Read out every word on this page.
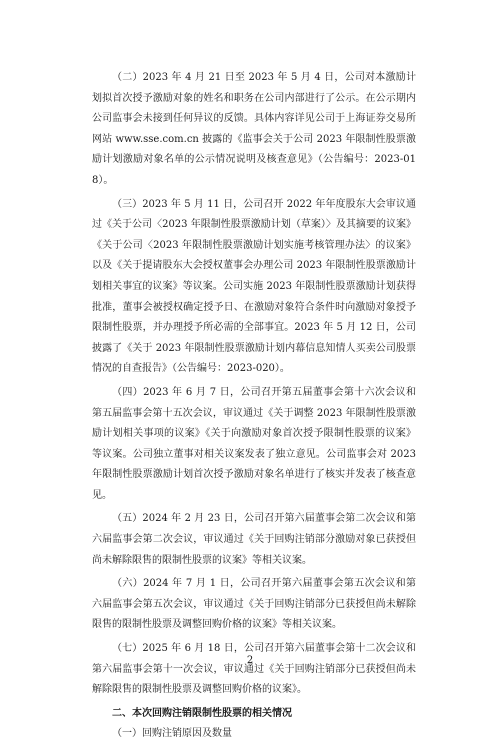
（二）2023 年 4 月 21 日至 2023 年 5 月 4 日，公司对本激励计划拟首次授予激励对象的姓名和职务在公司内部进行了公示。在公示期内公司监事会未接到任何异议的反馈。具体内容详见公司于上海证券交易所网站 www.sse.com.cn 披露的《监事会关于公司 2023 年限制性股票激励计划激励对象名单的公示情况说明及核查意见》（公告编号：2023-018）。

（三）2023 年 5 月 11 日，公司召开 2022 年年度股东大会审议通过《关于公司〈2023 年限制性股票激励计划（草案）〉及其摘要的议案》《关于公司〈2023 年限制性股票激励计划实施考核管理办法〉的议案》以及《关于提请股东大会授权董事会办理公司 2023 年限制性股票激励计划相关事宜的议案》等议案。公司实施 2023 年限制性股票激励计划获得批准，董事会被授权确定授予日、在激励对象符合条件时向激励对象授予限制性股票，并办理授予所必需的全部事宜。2023 年 5 月 12 日，公司披露了《关于 2023 年限制性股票激励计划内幕信息知情人买卖公司股票情况的自查报告》（公告编号：2023-020）。

（四）2023 年 6 月 7 日，公司召开第五届董事会第十六次会议和第五届监事会第十五次会议，审议通过《关于调整 2023 年限制性股票激励计划相关事项的议案》《关于向激励对象首次授予限制性股票的议案》等议案。公司独立董事对相关议案发表了独立意见。公司监事会对 2023 年限制性股票激励计划首次授予激励对象名单进行了核实并发表了核查意见。

（五）2024 年 2 月 23 日，公司召开第六届董事会第二次会议和第六届监事会第二次会议，审议通过《关于回购注销部分激励对象已获授但尚未解除限售的限制性股票的议案》等相关议案。

（六）2024 年 7 月 1 日，公司召开第六届董事会第五次会议和第六届监事会第五次会议，审议通过《关于回购注销部分已获授但尚未解除限售的限制性股票及调整回购价格的议案》等相关议案。

（七）2025 年 6 月 18 日，公司召开第六届董事会第十二次会议和第六届监事会第十一次会议，审议通过《关于回购注销部分已获授但尚未解除限售的限制性股票及调整回购价格的议案》。

二、本次回购注销限制性股票的相关情况

（一）回购注销原因及数量

2
